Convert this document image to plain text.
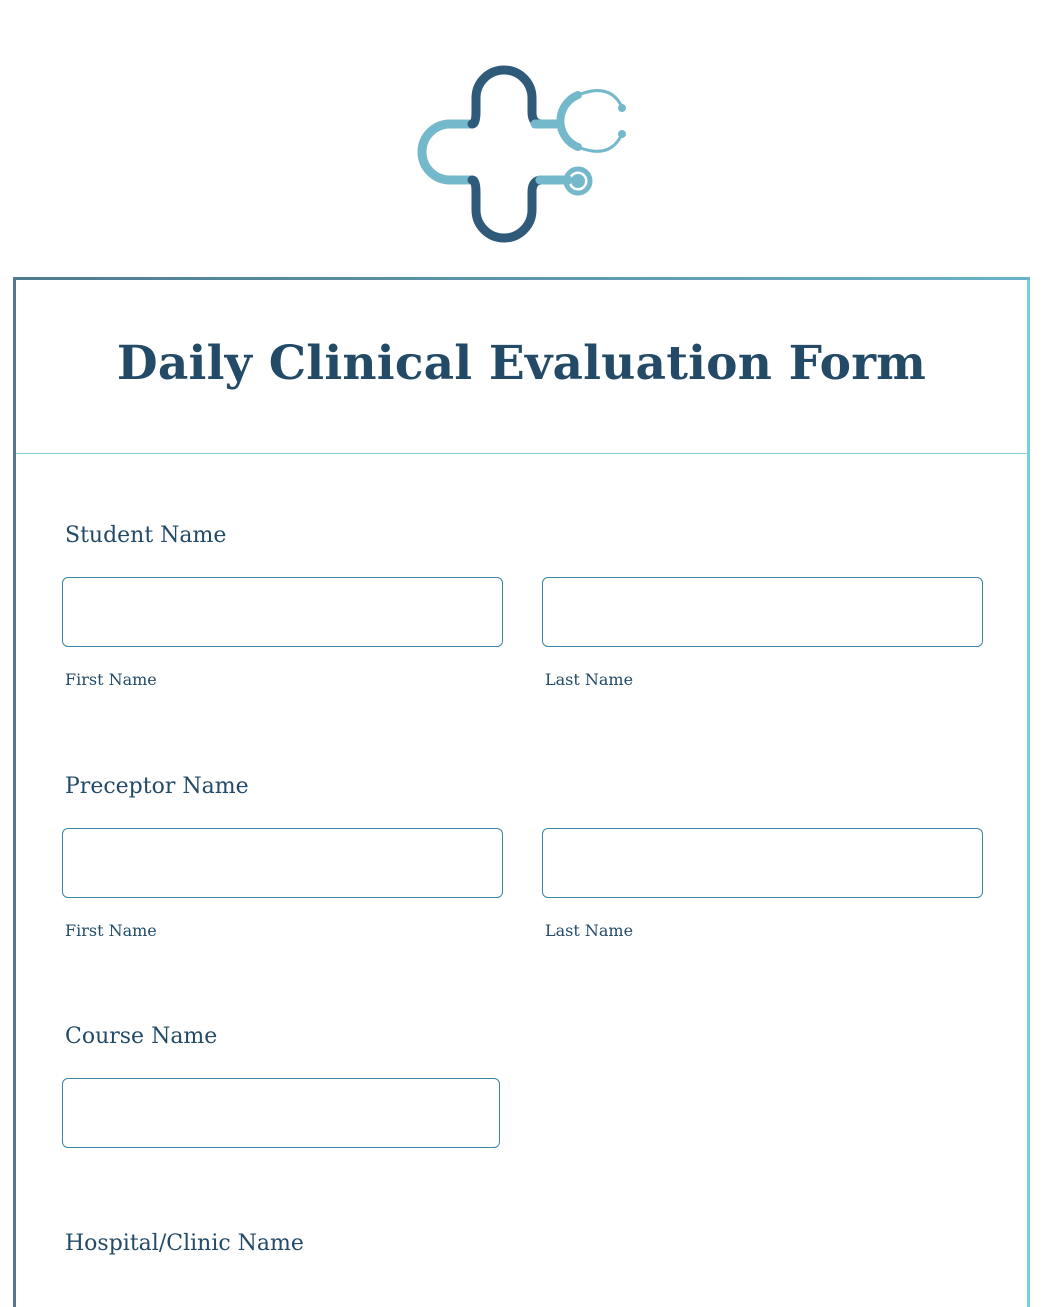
Daily Clinical Evaluation Form
Student Name
First Name	Last Name
Preceptor Name
First Name	Last Name
Course Name
Hospital/Clinic Name
